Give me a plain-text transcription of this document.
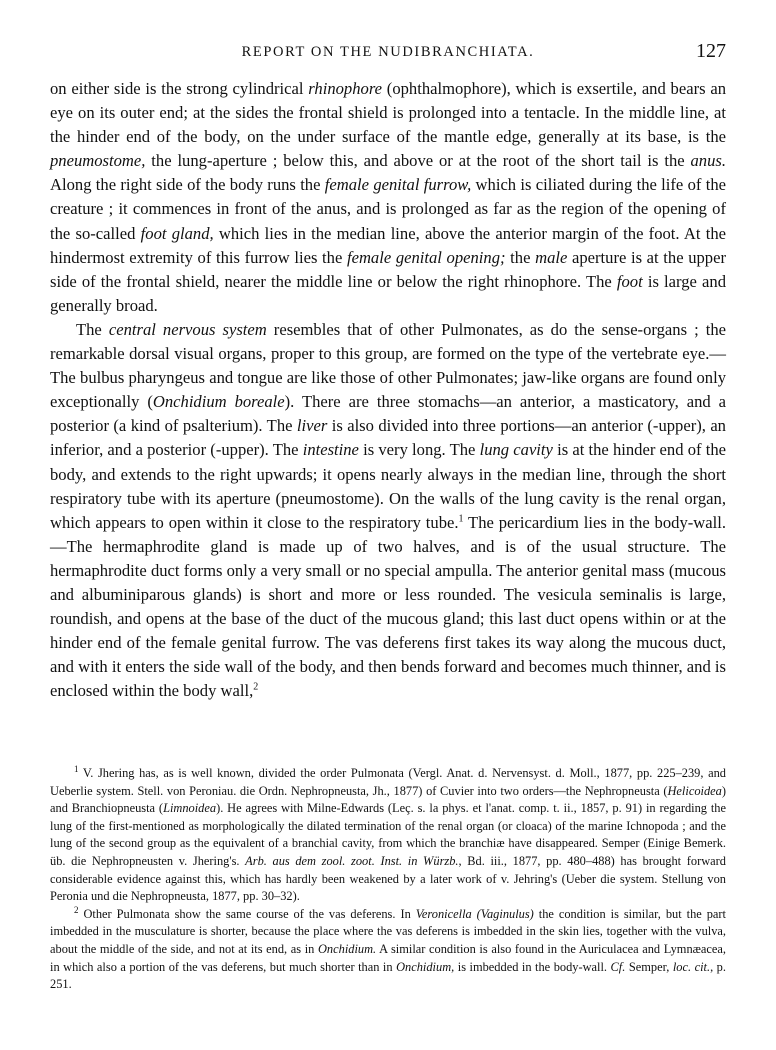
REPORT ON THE NUDIBRANCHIATA.	127

on either side is the strong cylindrical rhinophore (ophthalmophore), which is exsertile, and bears an eye on its outer end; at the sides the frontal shield is prolonged into a tentacle. In the middle line, at the hinder end of the body, on the under surface of the mantle edge, generally at its base, is the pneumostome, the lung-aperture ; below this, and above or at the root of the short tail is the anus. Along the right side of the body runs the female genital furrow, which is ciliated during the life of the creature ; it commences in front of the anus, and is prolonged as far as the region of the opening of the so-called foot gland, which lies in the median line, above the anterior margin of the foot. At the hindermost extremity of this furrow lies the female genital opening; the male aperture is at the upper side of the frontal shield, nearer the middle line or below the right rhinophore. The foot is large and generally broad.

The central nervous system resembles that of other Pulmonates, as do the sense-organs ; the remarkable dorsal visual organs, proper to this group, are formed on the type of the vertebrate eye.—The bulbus pharyngeus and tongue are like those of other Pulmonates; jaw-like organs are found only exceptionally (Onchidium boreale). There are three stomachs—an anterior, a masticatory, and a posterior (a kind of psalterium). The liver is also divided into three portions—an anterior (-upper), an inferior, and a posterior (-upper). The intestine is very long. The lung cavity is at the hinder end of the body, and extends to the right upwards; it opens nearly always in the median line, through the short respiratory tube with its aperture (pneumostome). On the walls of the lung cavity is the renal organ, which appears to open within it close to the respiratory tube.$^1$ The pericardium lies in the body-wall.—The hermaphrodite gland is made up of two halves, and is of the usual structure. The hermaphrodite duct forms only a very small or no special ampulla. The anterior genital mass (mucous and albuminiparous glands) is short and more or less rounded. The vesicula seminalis is large, roundish, and opens at the base of the duct of the mucous gland; this last duct opens within or at the hinder end of the female genital furrow. The vas deferens first takes its way along the mucous duct, and with it enters the side wall of the body, and then bends forward and becomes much thinner, and is enclosed within the body wall,$^2$

$^1$ V. Jhering has, as is well known, divided the order Pulmonata (Vergl. Anat. d. Nervensyst. d. Moll., 1877, pp. 225–239, and Ueberlie system. Stell. von Peroniau. die Ordn. Nephropneusta, Jh., 1877) of Cuvier into two orders—the Nephropneusta (Helicoidea) and Branchiopneusta (Limnoidea). He agrees with Milne-Edwards (Leç. s. la phys. et l'anat. comp. t. ii., 1857, p. 91) in regarding the lung of the first-mentioned as morphologically the dilated termination of the renal organ (or cloaca) of the marine Ichnopoda ; and the lung of the second group as the equivalent of a branchial cavity, from which the branchiæ have disappeared. Semper (Einige Bemerk. üb. die Nephropneusten v. Jhering's. Arb. aus dem zool. zoot. Inst. in Würzb., Bd. iii., 1877, pp. 480–488) has brought forward considerable evidence against this, which has hardly been weakened by a later work of v. Jehring's (Ueber die system. Stellung von Peronia und die Nephropneusta, 1877, pp. 30–32).

$^2$ Other Pulmonata show the same course of the vas deferens. In Veronicella (Vaginulus) the condition is similar, but the part imbedded in the musculature is shorter, because the place where the vas deferens is imbedded in the skin lies, together with the vulva, about the middle of the side, and not at its end, as in Onchidium. A similar condition is also found in the Auriculacea and Lymnæacea, in which also a portion of the vas deferens, but much shorter than in Onchidium, is imbedded in the body-wall. Cf. Semper, loc. cit., p. 251.
